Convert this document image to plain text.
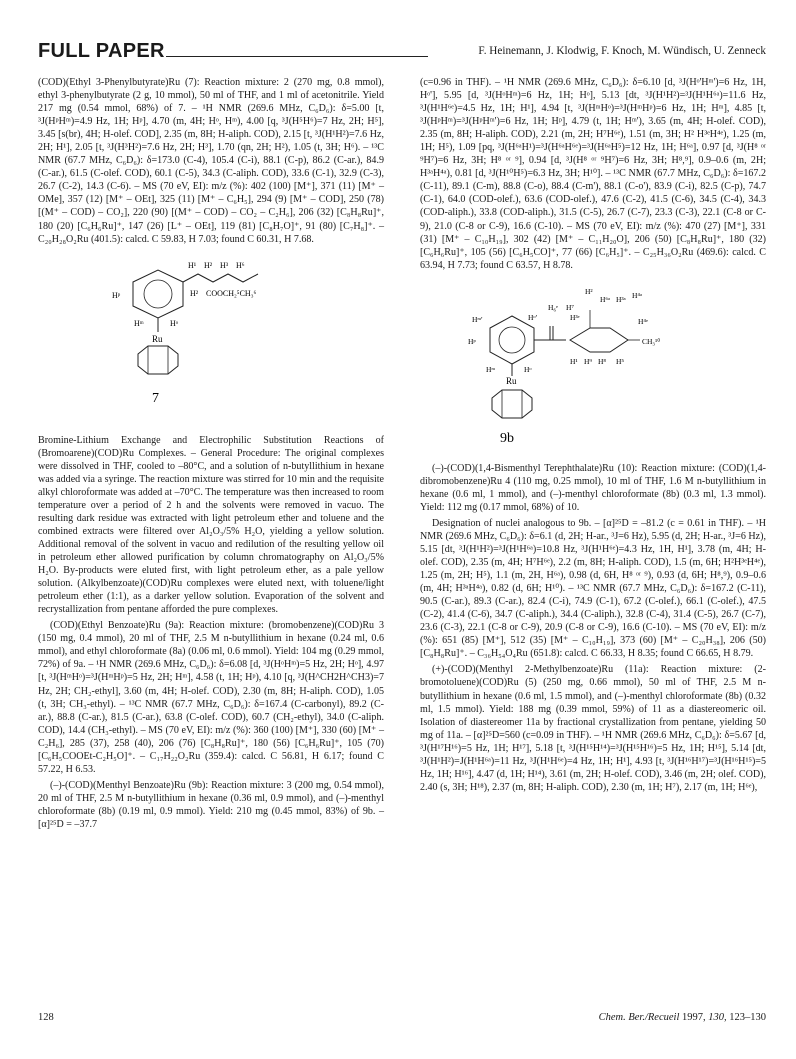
FULL PAPER	F. Heinemann, J. Klodwig, F. Knoch, M. Wündisch, U. Zenneck

(COD)(Ethyl 3-Phenylbutyrate)Ru (7): Reaction mixture: 2 (270 mg, 0.8 mmol), ethyl 3-phenylbutyrate (2 g, 10 mmol), 50 ml of THF, and 1 ml of acetonitrile. Yield 217 mg (0.54 mmol, 68%) of 7. – ¹H NMR (269.6 MHz, C₆D₆): δ=5.00 [t, ³J(HᵖHᵐ)=4.9 Hz, 1H; Hᵖ], 4.70 (m, 4H; Hᵒ, Hᵐ), 4.00 [q, ³J(H⁵H⁶)=7 Hz, 2H; H⁵], 3.45 [s(br), 4H; H-olef. COD], 2.35 (m, 8H; H-aliph. COD), 2.15 [t, ³J(H¹H²)=7.6 Hz, 2H; H¹], 2.05 [t, ³J(H³H²)=7.6 Hz, 2H; H³], 1.70 (qn, 2H; H²), 1.05 (t, 3H; H⁶). – ¹³C NMR (67.7 MHz, C₆D₆): δ=173.0 (C-4), 105.4 (C-i), 88.1 (C-p), 86.2 (C-ar.), 84.9 (C-ar.), 61.5 (C-olef. COD), 60.1 (C-5), 34.3 (C-aliph. COD), 33.6 (C-1), 32.9 (C-3), 26.7 (C-2), 14.3 (C-6). – MS (70 eV, EI): m/z (%): 402 (100) [M⁺], 371 (11) [M⁺ – OMe], 357 (12) [M⁺ – OEt], 325 (11) [M⁺ – C₆H₅], 294 (9) [M⁺ – COD], 250 (78) [(M⁺ – COD) – CO₂], 220 (90) [(M⁺ – COD) – CO₂ – C₂H₆], 206 (32) [C₈H₈Ru]⁺, 180 (20) [C₆H₆Ru]⁺, 147 (26) [L⁺ – OEt], 119 (81) [C₈H₇O]⁺, 91 (80) [C₇H₈]⁺. – C₂₀H₂₈O₂Ru (401.5): calcd. C 59.83, H 7.03; found C 60.31, H 7.68.

Hᵖ
H¹ H² H³ H⁶
Hᵐ	Hᵒ
H² COOCH₂⁵CH₃⁶
Ru
7

Bromine-Lithium Exchange and Electrophilic Substitution Reactions of (Bromoarene)(COD)Ru Complexes. – General Procedure: The original complexes were dissolved in THF, cooled to –80°C, and a solution of n-butyllithium in hexane was added via a syringe. The reaction mixture was stirred for 10 min and the requisite alkyl chloroformate was added at –70°C. The temperature was then increased to room temperature over a period of 2 h and the solvents were removed in vacuo. The resulting dark residue was extracted with light petroleum ether and toluene and the combined extracts were filtered over Al₂O₃/5% H₂O, yielding a yellow solution. Additional removal of the solvent in vacuo and redilution of the resulting yellow oil in petroleum ether allowed purification by column chromatography on Al₂O₃/5% H₂O. By-products were eluted first, with light petroleum ether, as a pale yellow solution. (Alkylbenzoate)(COD)Ru complexes were eluted next, with toluene/light petroleum ether (1:1), as a darker yellow solution. Evaporation of the solvent and recrystallization from pentane afforded the pure complexes.

(COD)(Ethyl Benzoate)Ru (9a): Reaction mixture: (bromobenzene)(COD)Ru 3 (150 mg, 0.4 mmol), 20 ml of THF, 2.5 M n-butyllithium in hexane (0.24 ml, 0.6 mmol), and ethyl chloroformate (8a) (0.06 ml, 0.6 mmol). Yield: 104 mg (0.29 mmol, 72%) of 9a. – ¹H NMR (269.6 MHz, C₆D₆): δ=6.08 [d, ³J(HᵒHᵐ)=5 Hz, 2H; Hᵒ], 4.97 [t, ³J(HᵐHᵒ)=³J(HᵐHᵖ)=5 Hz, 2H; Hᵐ], 4.58 (t, 1H; Hᵖ), 4.10 [q, ³J(H^CH2H^CH3)=7 Hz, 2H; CH₂-ethyl], 3.60 (m, 4H; H-olef. COD), 2.30 (m, 8H; H-aliph. COD), 1.05 (t, 3H; CH₃-ethyl). – ¹³C NMR (67.7 MHz, C₆D₆): δ=167.4 (C-carbonyl), 89.2 (C-ar.), 88.8 (C-ar.), 81.5 (C-ar.), 63.8 (C-olef. COD), 60.7 (CH₂-ethyl), 34.0 (C-aliph. COD), 14.4 (CH₃-ethyl). – MS (70 eV, EI): m/z (%): 360 (100) [M⁺], 330 (60) [M⁺ – C₂H₆], 285 (37), 258 (40), 206 (76) [C₈H₈Ru]⁺, 180 (56) [C₆H₆Ru]⁺, 105 (70) [C₆H₅COOEt-C₂H₅O]⁺. – C₁₇H₂₂O₂Ru (359.4): calcd. C 56.81, H 6.17; found C 57.22, H 6.53.

(–)-(COD)(Menthyl Benzoate)Ru (9b): Reaction mixture: 3 (200 mg, 0.54 mmol), 20 ml of THF, 2.5 M n-butyllithium in hexane (0.36 ml, 0.9 mmol), and (–)-menthyl chloroformate (8b) (0.19 ml, 0.9 mmol). Yield: 210 mg (0.45 mmol, 83%) of 9b. – [α]²⁵D = –37.7

(c=0.96 in THF). – ¹H NMR (269.6 MHz, C₆D₆): δ=6.10 [d, ³J(Hᵒ'Hᵐ')=6 Hz, 1H, Hᵒ'], 5.95 [d, ³J(HᵒHᵐ)=6 Hz, 1H; Hᵒ], 5.13 [dt, ³J(H¹H²)=³J(H¹H⁶ᵃ)=11.6 Hz, ³J(H¹H⁶ᵉ)=4.5 Hz, 1H; H¹], 4.94 [t, ³J(HᵐHᵒ)=³J(HᵐHᵖ)=6 Hz, 1H; Hᵐ], 4.85 [t, ³J(HᵖHᵐ)=³J(HᵖHᵐ')=6 Hz, 1H; Hᵖ], 4.79 (t, 1H; Hᵐ'), 3.65 (m, 4H; H-olef. COD), 2.35 (m, 8H; H-aliph. COD), 2.21 (m, 2H; H⁷H⁶ᵉ), 1.51 (m, 3H; H² H³ᵉH⁴ᵉ), 1.25 (m, 1H; H⁵), 1.09 [pq, ³J(H⁶ᵃH¹)=³J(H⁶ᵃH⁶ᵉ)=³J(H⁶ᵃH⁵)=12 Hz, 1H; H⁶ᵃ], 0.97 [d, ³J(H⁸ ᵒʳ ⁹H⁷)=6 Hz, 3H; H⁸ ᵒʳ ⁹], 0.94 [d, ³J(H⁸ ᵒʳ ⁹H⁷)=6 Hz, 3H; H⁸,⁹], 0.9–0.6 (m, 2H; H³ᵃH⁴ᵃ), 0.81 [d, ³J(H¹⁰H⁵)=6.3 Hz, 3H; H¹⁰]. – ¹³C NMR (67.7 MHz, C₆D₆): δ=167.2 (C-11), 89.1 (C-m), 88.8 (C-o), 88.4 (C-m'), 88.1 (C-o'), 83.9 (C-i), 82.5 (C-p), 74.7 (C-1), 64.0 (COD-olef.), 63.6 (COD-olef.), 47.6 (C-2), 41.5 (C-6), 34.5 (C-4), 34.3 (COD-aliph.), 33.8 (COD-aliph.), 31.5 (C-5), 26.7 (C-7), 23.3 (C-3), 22.1 (C-8 or C-9), 21.0 (C-8 or C-9), 16.6 (C-10). – MS (70 eV, EI): m/z (%): 470 (27) [M⁺], 331 (31) [M⁺ – C₁₀H₁₉], 302 (42) [M⁺ – C₁₁H₂₀O], 206 (50) [C₈H₈Ru]⁺, 180 (32) [C₆H₆Ru]⁺, 105 (56) [C₆H₅CO]⁺, 77 (66) [C₆H₅]⁺. – C₂₅H₃₆O₂Ru (469.6): calcd. C 63.94, H 7.73; found C 63.57, H 8.78.

H²
H⁶ᵃ H³ᵃ H⁴ᵃ
H₆ᵉ H⁷
Hᵒ'	H³ᵉ	H⁴ᵉ
Hᵐ'
Hᵖ	CH₃¹⁰
H¹ H⁹ H⁸ H⁵
Hᵐ	Hᵒ
Ru
9b

(–)-(COD)(1,4-Bismenthyl Terephthalate)Ru (10): Reaction mixture: (COD)(1,4-dibromobenzene)Ru 4 (110 mg, 0.25 mmol), 10 ml of THF, 1.6 M n-butyllithium in hexane (0.6 ml, 1 mmol), and (–)-menthyl chloroformate (8b) (0.3 ml, 1.3 mmol). Yield: 112 mg (0.17 mmol, 68%) of 10.

Designation of nuclei analogous to 9b. – [α]²⁵D = –81.2 (c = 0.61 in THF). – ¹H NMR (269.6 MHz, C₆D₆): δ=6.1 (d, 2H; H-ar., ³J=6 Hz), 5.95 (d, 2H; H-ar., ³J=6 Hz), 5.15 [dt, ³J(H¹H²)=³J(H¹H⁶ᵃ)=10.8 Hz, ³J(H¹H⁶ᵉ)=4.3 Hz, 1H, H¹], 3.78 (m, 4H; H-olef. COD), 2.35 (m, 4H; H⁷H⁶ᵉ), 2.2 (m, 8H; H-aliph. COD), 1.5 (m, 6H; H²H³ᵉH⁴ᵉ), 1.25 (m, 2H; H⁵), 1.1 (m, 2H, H⁶ᵃ), 0.98 (d, 6H, H⁸ ᵒʳ ⁹), 0.93 (d, 6H; H⁸,⁹), 0.9–0.6 (m, 4H; H³ᵃH⁴ᵃ), 0.82 (d, 6H; H¹⁰). – ¹³C NMR (67.7 MHz, C₆D₆): δ=167.2 (C-11), 90.5 (C-ar.), 89.3 (C-ar.), 82.4 (C-i), 74.9 (C-1), 67.2 (C-olef.), 66.1 (C-olef.), 47.5 (C-2), 41.4 (C-6), 34.7 (C-aliph.), 34.4 (C-aliph.), 32.8 (C-4), 31.4 (C-5), 26.7 (C-7), 23.6 (C-3), 22.1 (C-8 or C-9), 20.9 (C-8 or C-9), 16.6 (C-10). – MS (70 eV, EI): m/z (%): 651 (85) [M⁺], 512 (35) [M⁺ – C₁₀H₁₉], 373 (60) [M⁺ – C₂₀H₃₈], 206 (50) [C₈H₈Ru]⁺. – C₃₆H₅₄O₄Ru (651.8): calcd. C 66.33, H 8.35; found C 66.65, H 8.79.

(+)-(COD)(Menthyl 2-Methylbenzoate)Ru (11a): Reaction mixture: (2-bromotoluene)(COD)Ru (5) (250 mg, 0.66 mmol), 50 ml of THF, 2.5 M n-butyllithium in hexane (0.6 ml, 1.5 mmol), and (–)-menthyl chloroformate (8b) (0.32 ml, 1.5 mmol). Yield: 188 mg (0.39 mmol, 59%) of 11 as a diastereomeric oil. Isolation of diastereomer 11a by fractional crystallization from pentane, yielding 50 mg of 11a. – [α]²⁵D=560 (c=0.09 in THF). – ¹H NMR (269.6 MHz, C₆D₆): δ=5.67 [d, ³J(H¹⁷H¹⁶)=5 Hz, 1H; H¹⁷], 5.18 [t, ³J(H¹⁵H¹⁴)=³J(H¹⁵H¹⁶)=5 Hz, 1H; H¹⁵], 5.14 [dt, ³J(H¹H²)=J(H¹H⁶ᵃ)=11 Hz, ³J(H¹H⁶ᵉ)=4 Hz, 1H; H¹], 4.93 [t, ³J(H¹⁶H¹⁷)=³J(H¹⁶H¹⁵)=5 Hz, 1H; H¹⁶], 4.47 (d, 1H; H¹⁴), 3.61 (m, 2H; H-olef. COD), 3.46 (m, 2H; olef. COD), 2.40 (s, 3H; H¹⁸), 2.37 (m, 8H; H-aliph. COD), 2.30 (m, 1H; H⁷), 2.17 (m, 1H; H⁶ᵉ),

128	Chem. Ber./Recueil 1997, 130, 123–130
